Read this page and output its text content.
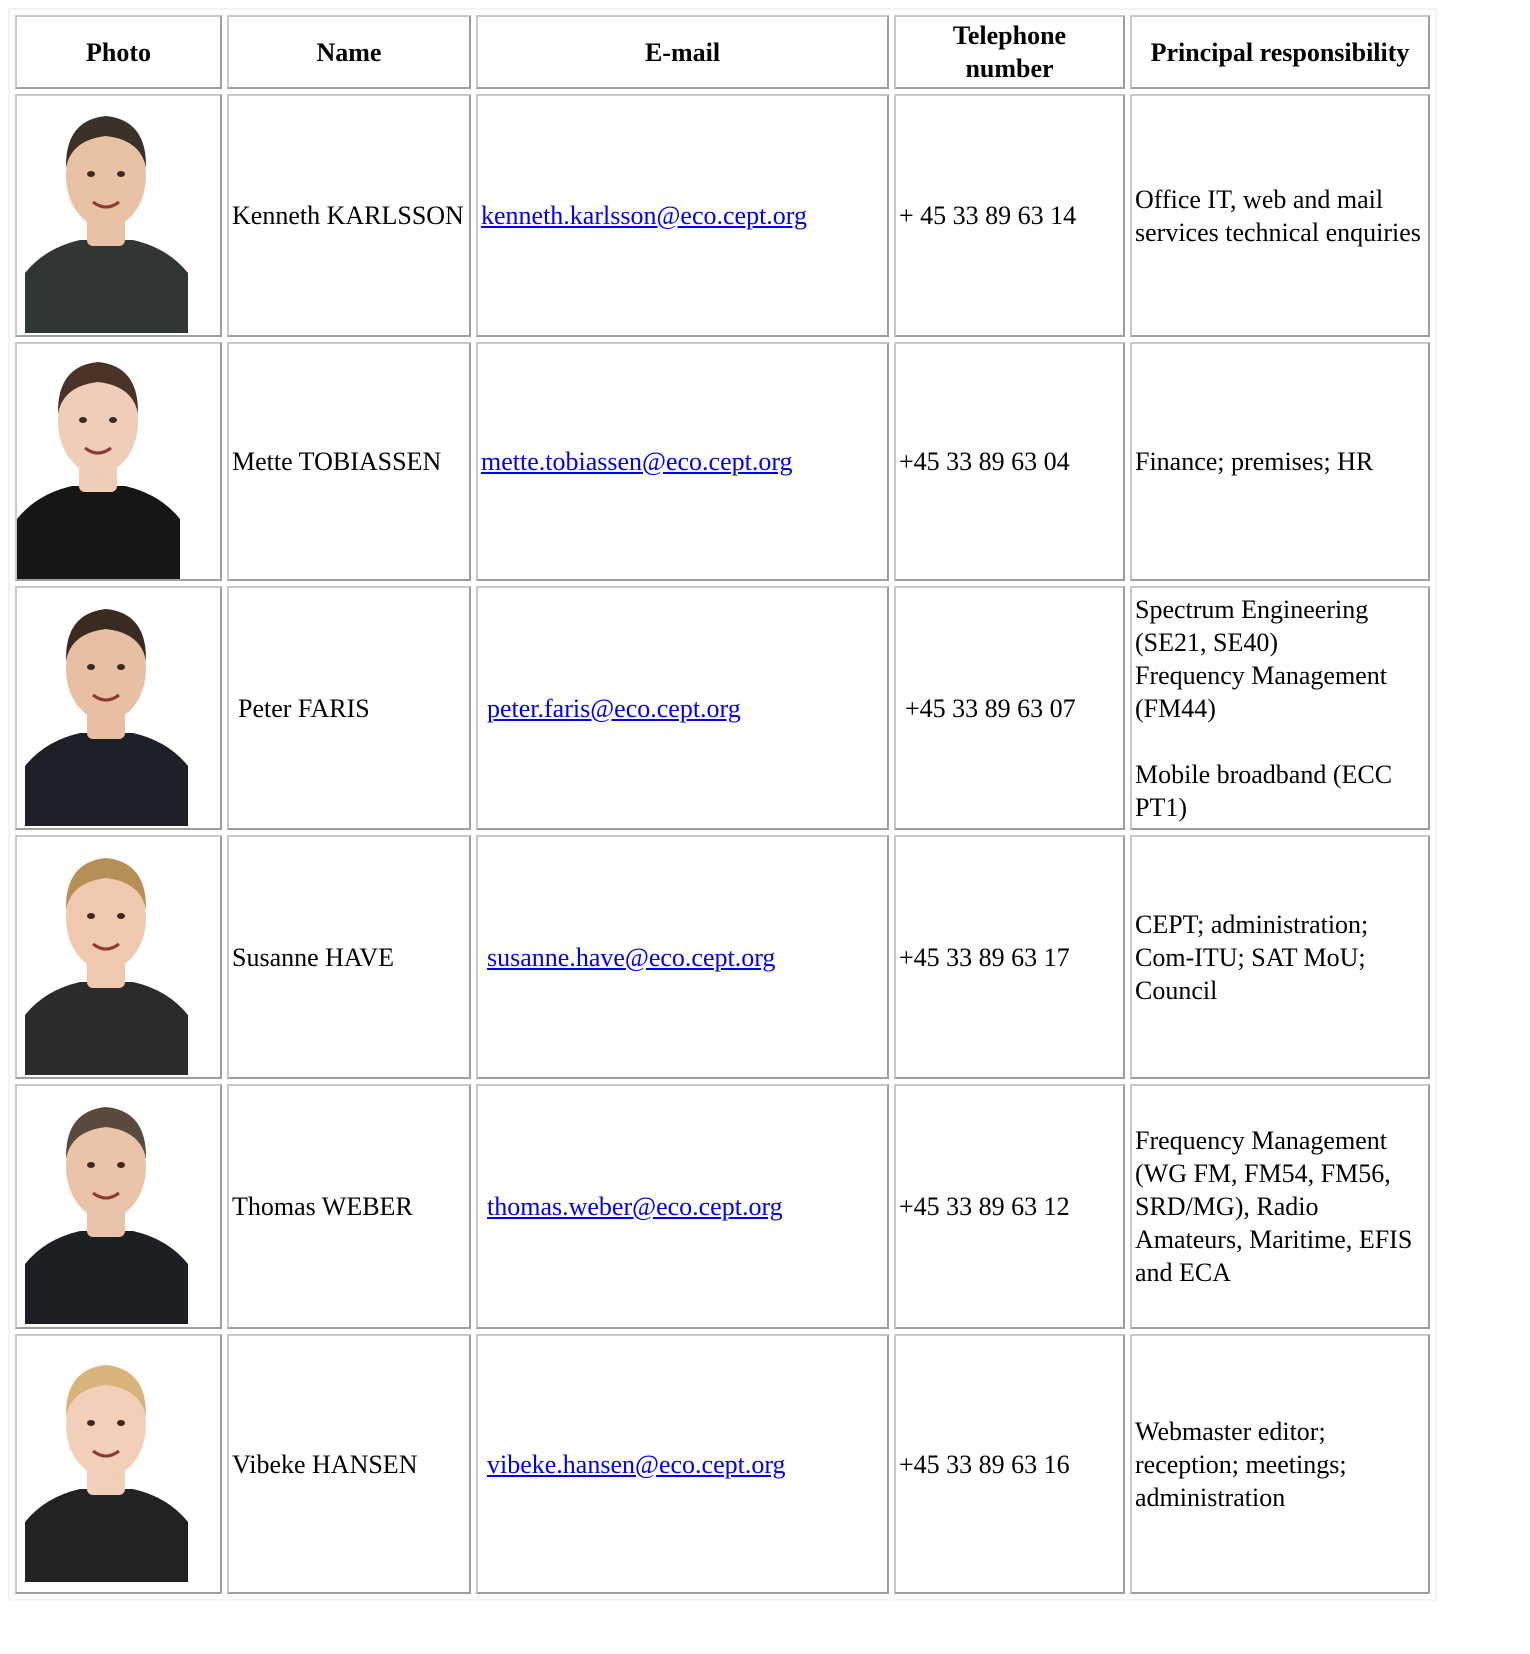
Photo	Name	E-mail	Telephone number	Principal responsibility

	Kenneth KARLSSON	kenneth.karlsson@eco.cept.org	+ 45 33 89 63 14	Office IT, web and mail services technical enquiries

	Mette TOBIASSEN	mette.tobiassen@eco.cept.org	+45 33 89 63 04	Finance; premises; HR

	Peter FARIS	peter.faris@eco.cept.org	+45 33 89 63 07	Spectrum Engineering (SE21, SE40)
Frequency Management (FM44)
Mobile broadband (ECC PT1)

	Susanne HAVE	susanne.have@eco.cept.org	+45 33 89 63 17	CEPT; administration; Com-ITU; SAT MoU; Council

	Thomas WEBER	thomas.weber@eco.cept.org	+45 33 89 63 12	Frequency Management (WG FM, FM54, FM56, SRD/MG), Radio Amateurs, Maritime, EFIS and ECA

	Vibeke HANSEN	vibeke.hansen@eco.cept.org	+45 33 89 63 16	Webmaster editor; reception; meetings; administration
